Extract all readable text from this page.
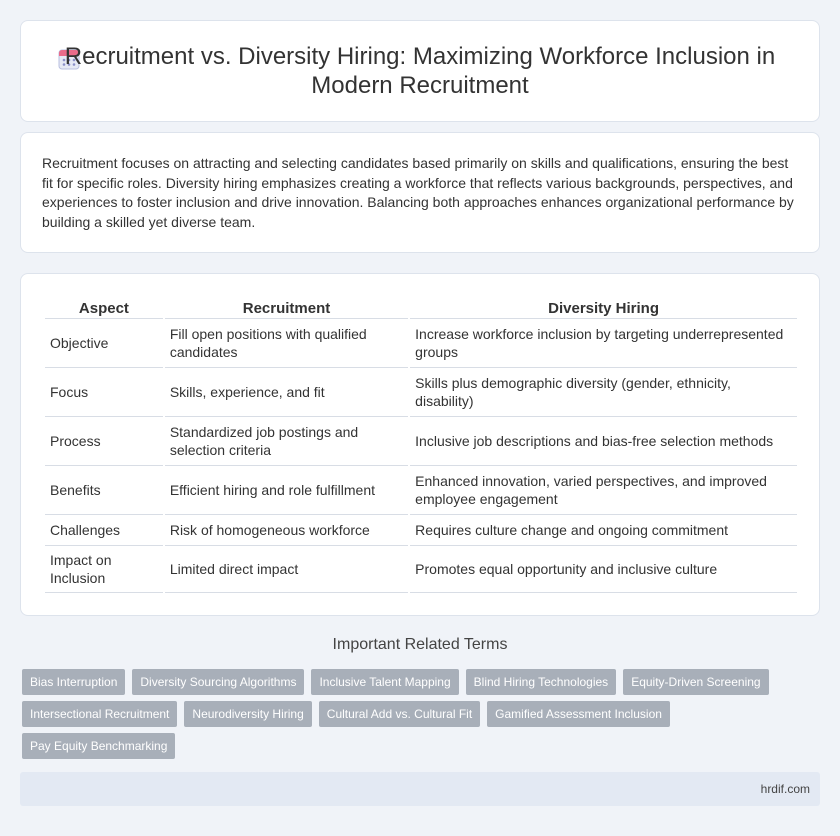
Recruitment vs. Diversity Hiring: Maximizing Workforce Inclusion in Modern Recruitment

Recruitment focuses on attracting and selecting candidates based primarily on skills and qualifications, ensuring the best fit for specific roles. Diversity hiring emphasizes creating a workforce that reflects various backgrounds, perspectives, and experiences to foster inclusion and drive innovation. Balancing both approaches enhances organizational performance by building a skilled yet diverse team.

Aspect	Recruitment	Diversity Hiring
Objective	Fill open positions with qualified candidates	Increase workforce inclusion by targeting underrepresented groups
Focus	Skills, experience, and fit	Skills plus demographic diversity (gender, ethnicity, disability)
Process	Standardized job postings and selection criteria	Inclusive job descriptions and bias-free selection methods
Benefits	Efficient hiring and role fulfillment	Enhanced innovation, varied perspectives, and improved employee engagement
Challenges	Risk of homogeneous workforce	Requires culture change and ongoing commitment
Impact on Inclusion	Limited direct impact	Promotes equal opportunity and inclusive culture
Important Related Terms
Bias Interruption	Diversity Sourcing Algorithms	Inclusive Talent Mapping	Blind Hiring Technologies	Equity-Driven Screening
Intersectional Recruitment	Neurodiversity Hiring	Cultural Add vs. Cultural Fit	Gamified Assessment Inclusion
Pay Equity Benchmarking
hrdif.com
